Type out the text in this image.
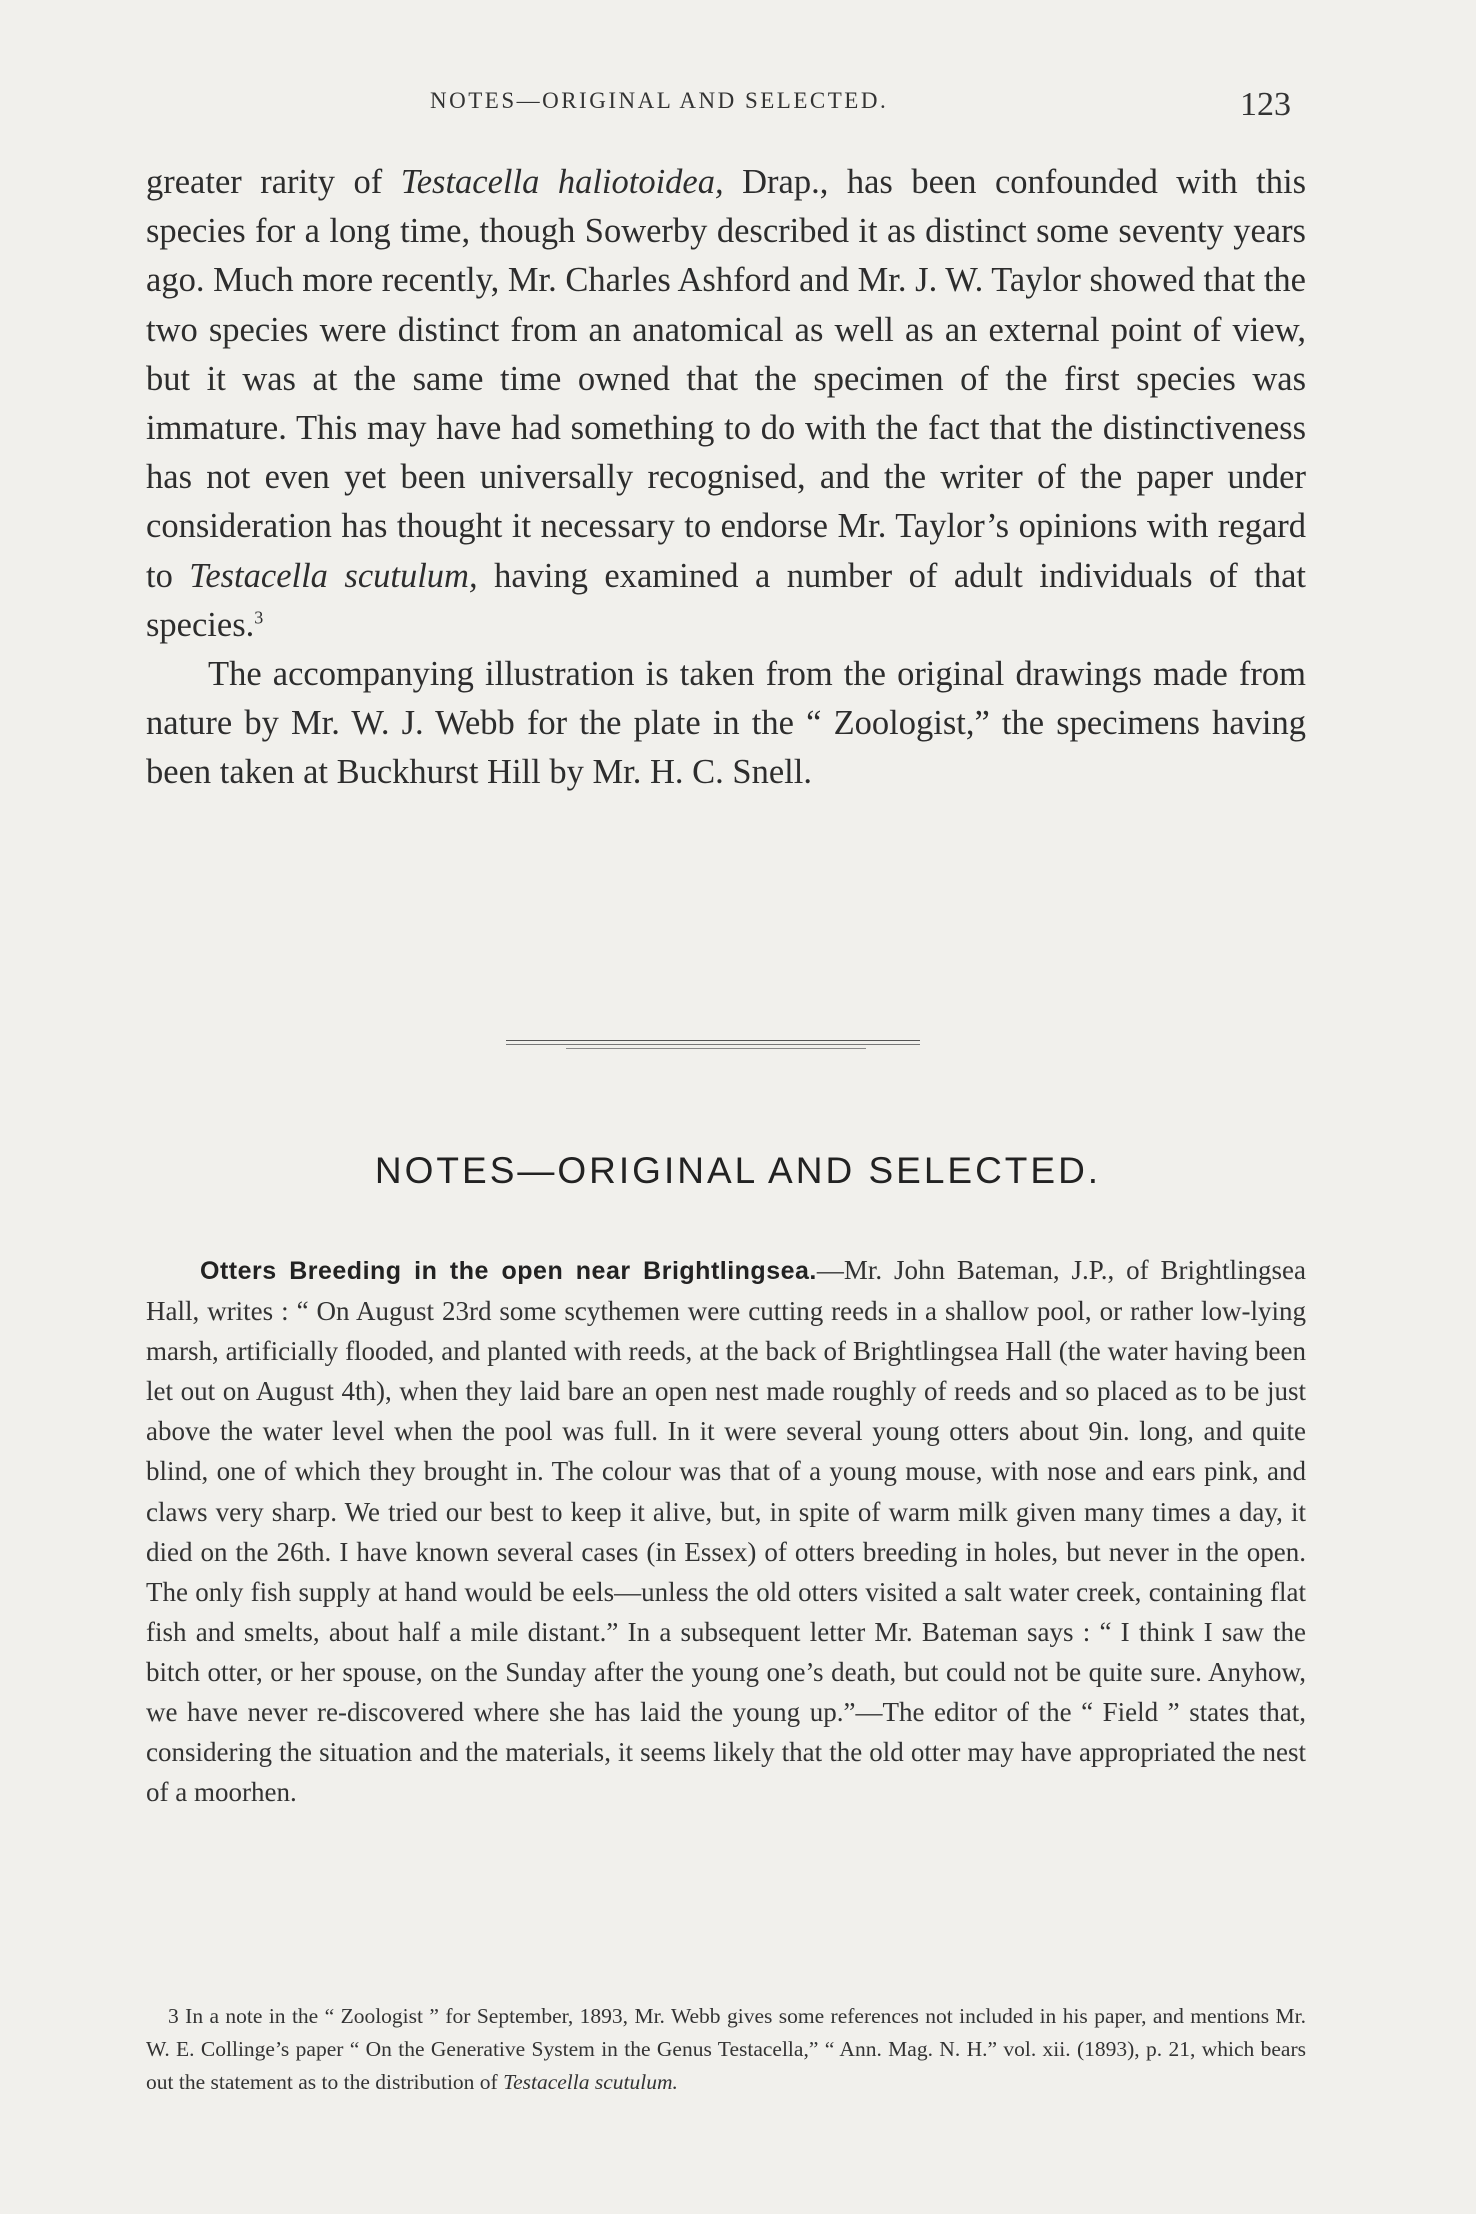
NOTES—ORIGINAL AND SELECTED.	123

greater rarity of Testacella haliotoidea, Drap., has been confounded with this species for a long time, though Sowerby described it as distinct some seventy years ago. Much more recently, Mr. Charles Ashford and Mr. J. W. Taylor showed that the two species were distinct from an anatomical as well as an external point of view, but it was at the same time owned that the specimen of the first species was immature. This may have had something to do with the fact that the distinctiveness has not even yet been universally recognised, and the writer of the paper under consideration has thought it necessary to endorse Mr. Taylor’s opinions with regard to Testacella scutulum, having examined a number of adult individuals of that species.$^3$

The accompanying illustration is taken from the original drawings made from nature by Mr. W. J. Webb for the plate in the “ Zoologist,” the specimens having been taken at Buckhurst Hill by Mr. H. C. Snell.

NOTES—ORIGINAL AND SELECTED.

Otters Breeding in the open near Brightlingsea.—Mr. John Bateman, J.P., of Brightlingsea Hall, writes : “ On August 23rd some scythemen were cutting reeds in a shallow pool, or rather low-lying marsh, artificially flooded, and planted with reeds, at the back of Brightlingsea Hall (the water having been let out on August 4th), when they laid bare an open nest made roughly of reeds and so placed as to be just above the water level when the pool was full. In it were several young otters about 9in. long, and quite blind, one of which they brought in. The colour was that of a young mouse, with nose and ears pink, and claws very sharp. We tried our best to keep it alive, but, in spite of warm milk given many times a day, it died on the 26th. I have known several cases (in Essex) of otters breeding in holes, but never in the open. The only fish supply at hand would be eels—unless the old otters visited a salt water creek, containing flat fish and smelts, about half a mile distant.” In a subsequent letter Mr. Bateman says : “ I think I saw the bitch otter, or her spouse, on the Sunday after the young one’s death, but could not be quite sure. Anyhow, we have never re-discovered where she has laid the young up.”—The editor of the “ Field ” states that, considering the situation and the materials, it seems likely that the old otter may have appropriated the nest of a moorhen.

3 In a note in the “ Zoologist ” for September, 1893, Mr. Webb gives some references not included in his paper, and mentions Mr. W. E. Collinge’s paper “ On the Generative System in the Genus Testacella,” “ Ann. Mag. N. H.” vol. xii. (1893), p. 21, which bears out the statement as to the distribution of Testacella scutulum.
